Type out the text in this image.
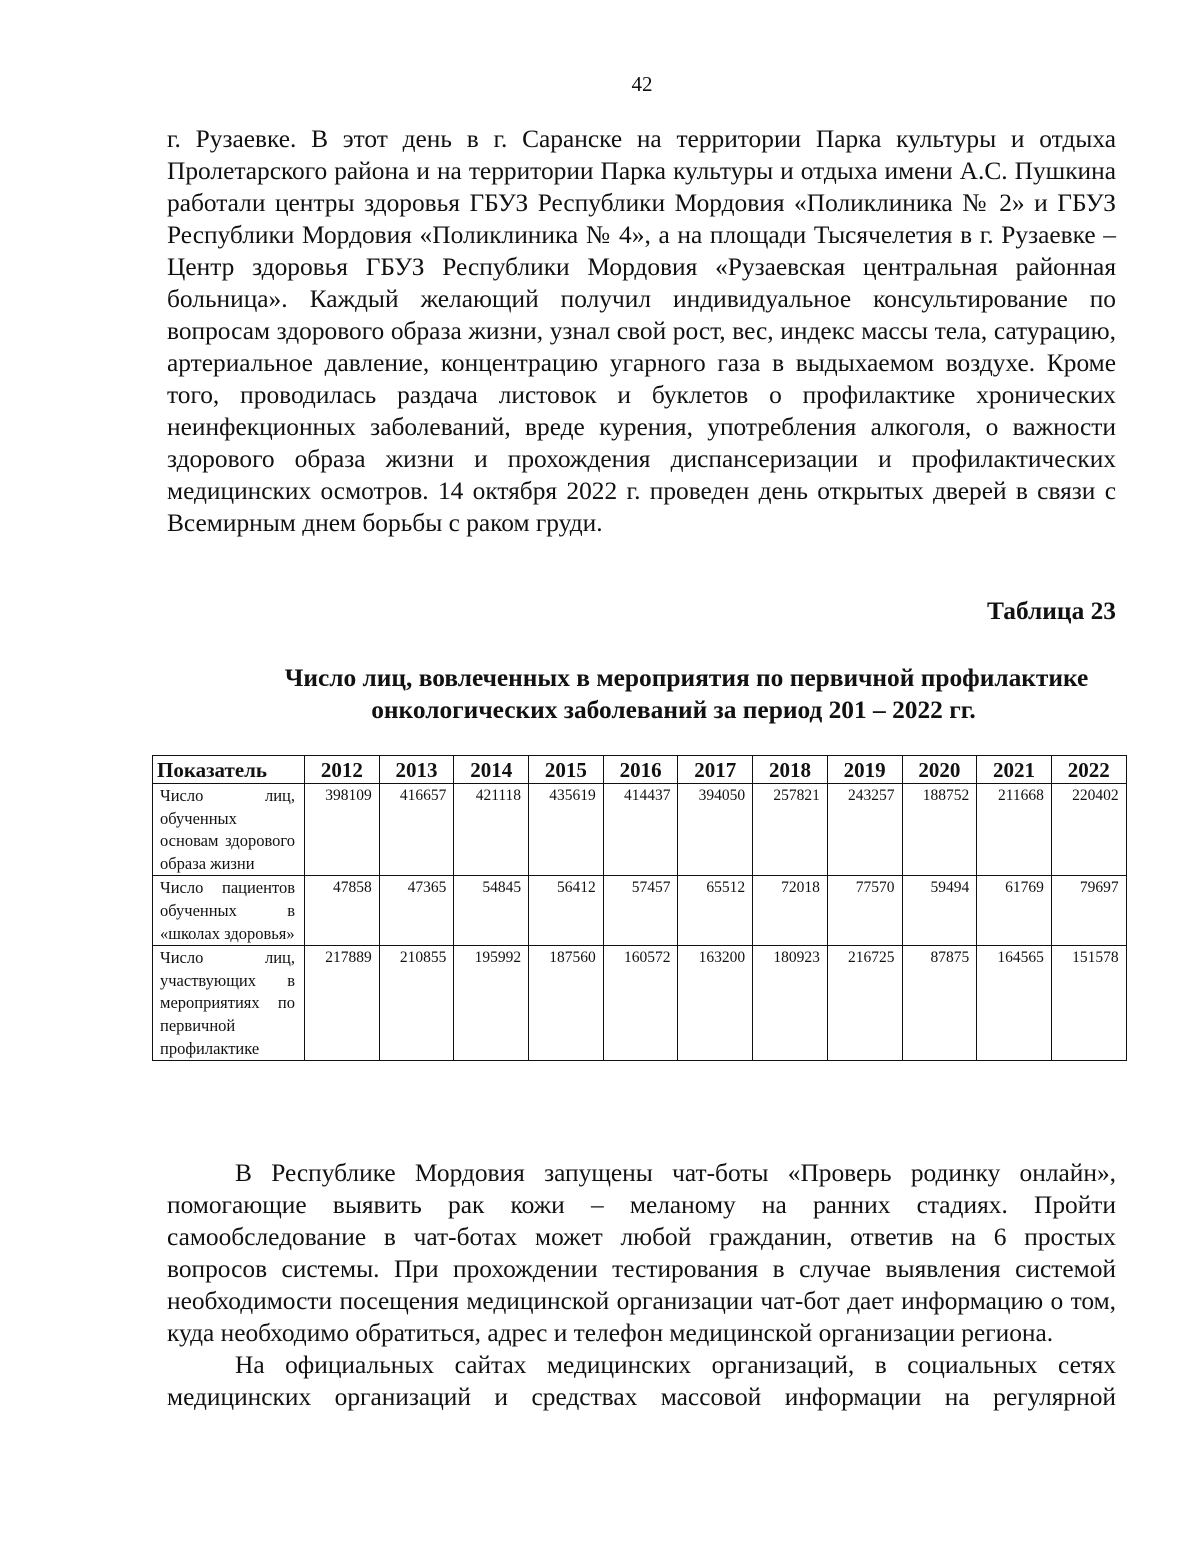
42

г. Рузаевке. В этот день в г. Саранске на территории Парка культуры и отдыха Пролетарского района и на территории Парка культуры и отдыха имени А.С. Пушкина работали центры здоровья ГБУЗ Республики Мордовия «Поликлиника № 2» и ГБУЗ Республики Мордовия «Поликлиника № 4», а на площади Тысячелетия в г. Рузаевке – Центр здоровья ГБУЗ Республики Мордовия «Рузаевская центральная районная больница». Каждый желающий получил индивидуальное консультирование по вопросам здорового образа жизни, узнал свой рост, вес, индекс массы тела, сатурацию, артериальное давление, концентрацию угарного газа в выдыхаемом воздухе. Кроме того, проводилась раздача листовок и буклетов о профилактике хронических неинфекционных заболеваний, вреде курения, употребления алкоголя, о важности здорового образа жизни и прохождения диспансеризации и профилактических медицинских осмотров. 14 октября 2022 г. проведен день открытых дверей в связи с Всемирным днем борьбы с раком груди.

Таблица 23
Число лиц, вовлеченных в мероприятия по первичной профилактике
онкологических заболеваний за период 201 – 2022 гг.
Показатель	2012	2013	2014	2015	2016	2017	2018	2019	2020	2021	2022
Число лиц, обученных основам здорового образа жизни	398109	416657	421118	435619	414437	394050	257821	243257	188752	211668	220402
Число пациентов обученных в «школах здоровья»	47858	47365	54845	56412	57457	65512	72018	77570	59494	61769	79697
Число лиц, участвующих в мероприятиях по первичной профилактике	217889	210855	195992	187560	160572	163200	180923	216725	87875	164565	151578

В Республике Мордовия запущены чат-боты «Проверь родинку онлайн», помогающие выявить рак кожи – меланому на ранних стадиях. Пройти самообследование в чат-ботах может любой гражданин, ответив на 6 простых вопросов системы. При прохождении тестирования в случае выявления системой необходимости посещения медицинской организации чат-бот дает информацию о том, куда необходимо обратиться, адрес и телефон медицинской организации региона.

На официальных сайтах медицинских организаций, в социальных сетях медицинских организаций и средствах массовой информации на регулярной
